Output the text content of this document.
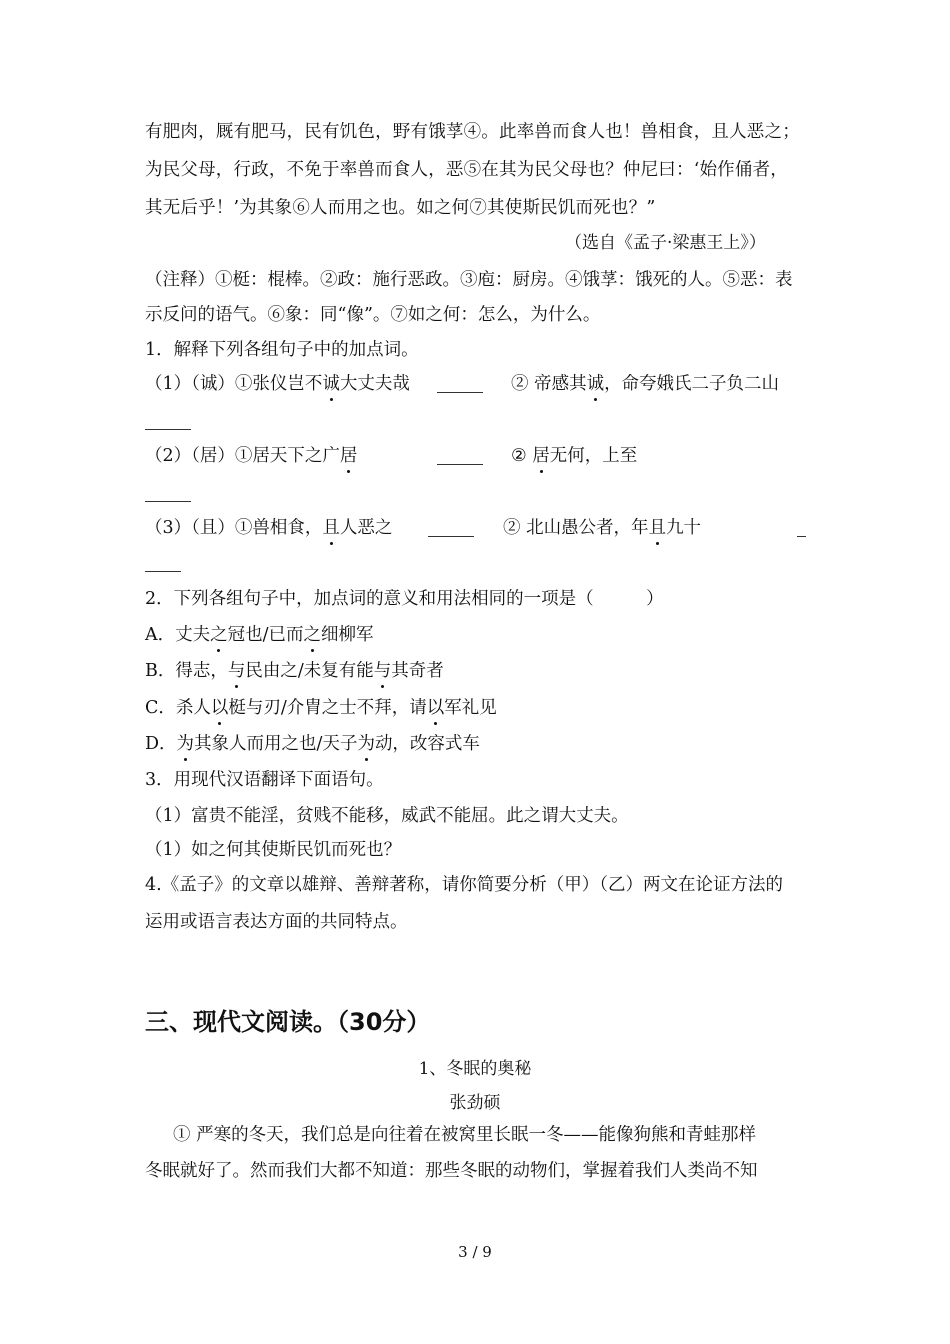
有肥肉，厩有肥马，民有饥色，野有饿莩④。此率兽而食人也！兽相食，且人恶之；
为民父母，行政，不免于率兽而食人，恶⑤在其为民父母也？仲尼曰：‘始作俑者，
其无后乎！’为其象⑥人而用之也。如之何⑦其使斯民饥而死也？”
（选自《孟子·梁惠王上》）
（注释）①梃：棍棒。②政：施行恶政。③庖：厨房。④饿莩：饿死的人。⑤恶：表
示反问的语气。⑥象：同“像”。⑦如之何：怎么，为什么。
1．解释下列各组句子中的加点词。
（1）（诚）①张仪岂不诚大丈夫哉	② 帝感其诚，命夸娥氏二子负二山
（2）（居）①居天下之广居	② 居无何，上至
（3）（且）①兽相食，且人恶之	② 北山愚公者，年且九十
2．下列各组句子中，加点词的意义和用法相同的一项是（　　　）
A．丈夫之冠也/已而之细柳军
B．得志，与民由之/未复有能与其奇者
C．杀人以梃与刃/介胄之士不拜，请以军礼见
D．为其象人而用之也/天子为动，改容式车
3．用现代汉语翻译下面语句。
（1）富贵不能淫，贫贱不能移，威武不能屈。此之谓大丈夫。
（1）如之何其使斯民饥而死也？
4.《孟子》的文章以雄辩、善辩著称，请你简要分析（甲）（乙）两文在论证方法的
运用或语言表达方面的共同特点。
三、现代文阅读。（30分）
1、冬眠的奥秘
张劲硕
① 严寒的冬天，我们总是向往着在被窝里长眠一冬——能像狗熊和青蛙那样
冬眠就好了。然而我们大都不知道：那些冬眠的动物们，掌握着我们人类尚不知
3 / 9
